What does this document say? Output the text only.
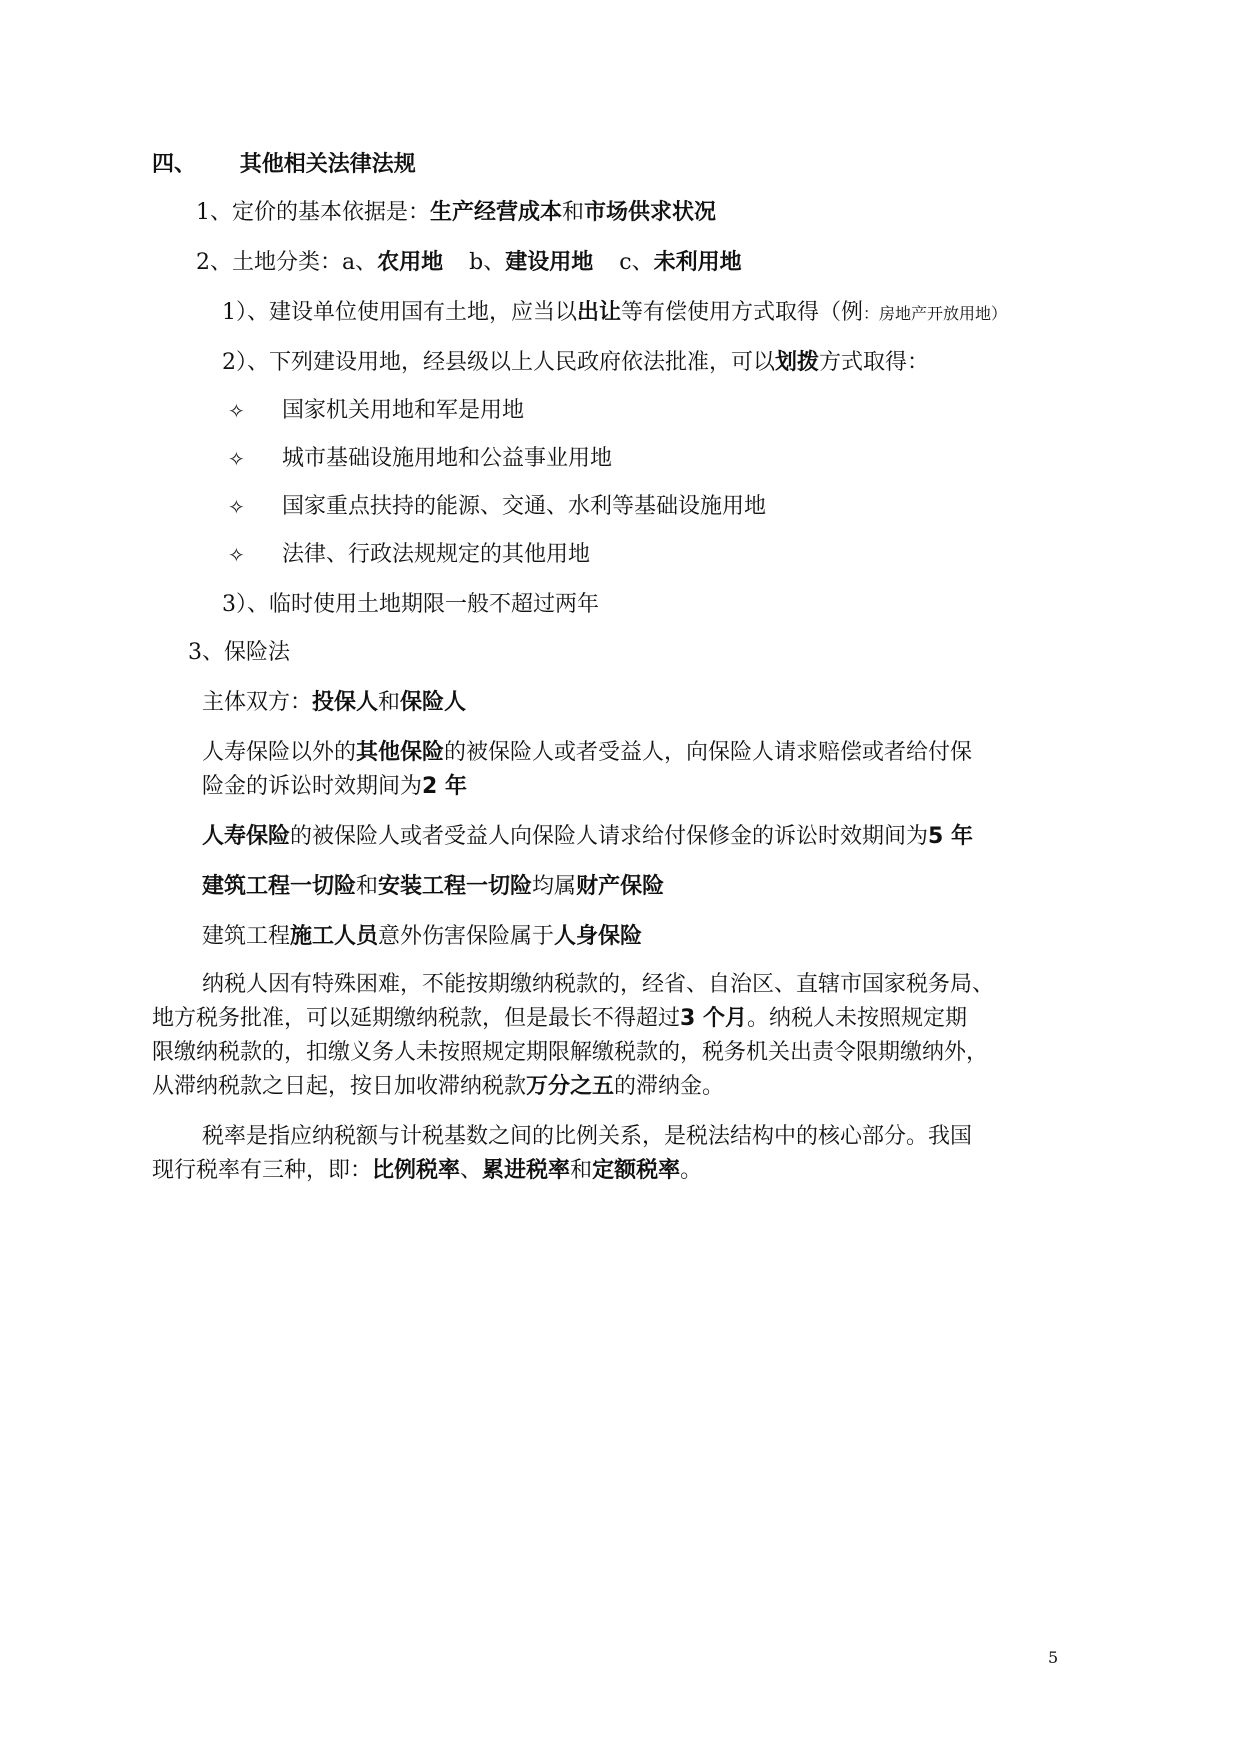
四、 其他相关法律法规
1、定价的基本依据是：生产经营成本和市场供求状况
2、土地分类：a、农用地 b、建设用地 c、未利用地
1）、建设单位使用国有土地，应当以出让等有偿使用方式取得（例：房地产开放用地）
2）、下列建设用地，经县级以上人民政府依法批准，可以划拨方式取得：
✧ 国家机关用地和军是用地
✧ 城市基础设施用地和公益事业用地
✧ 国家重点扶持的能源、交通、水利等基础设施用地
✧ 法律、行政法规规定的其他用地
3）、临时使用土地期限一般不超过两年
3、保险法
主体双方：投保人和保险人
人寿保险以外的其他保险的被保险人或者受益人，向保险人请求赔偿或者给付保
险金的诉讼时效期间为2 年
人寿保险的被保险人或者受益人向保险人请求给付保修金的诉讼时效期间为5 年
建筑工程一切险和安装工程一切险均属财产保险
建筑工程施工人员意外伤害保险属于人身保险
纳税人因有特殊困难，不能按期缴纳税款的，经省、自治区、直辖市国家税务局、
地方税务批准，可以延期缴纳税款，但是最长不得超过3 个月。纳税人未按照规定期
限缴纳税款的，扣缴义务人未按照规定期限解缴税款的，税务机关出责令限期缴纳外，
从滞纳税款之日起，按日加收滞纳税款万分之五的滞纳金。
税率是指应纳税额与计税基数之间的比例关系，是税法结构中的核心部分。我国
现行税率有三种，即：比例税率、累进税率和定额税率。
5
